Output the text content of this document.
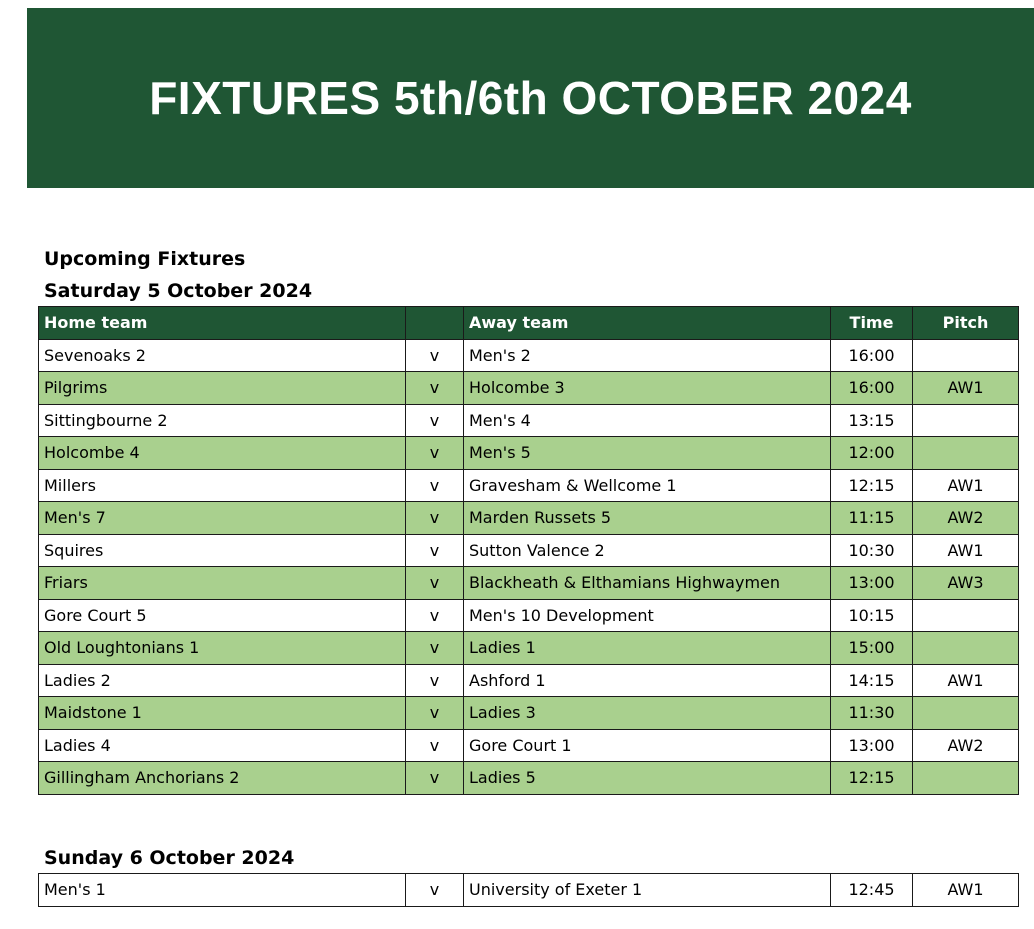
FIXTURES 5th/6th OCTOBER 2024
Upcoming Fixtures
Saturday 5 October 2024
Home team		Away team	Time	Pitch
Sevenoaks 2	v	Men's 2	16:00	
Pilgrims	v	Holcombe 3	16:00	AW1
Sittingbourne 2	v	Men's 4	13:15	
Holcombe 4	v	Men's 5	12:00	
Millers	v	Gravesham & Wellcome 1	12:15	AW1
Men's 7	v	Marden Russets 5	11:15	AW2
Squires	v	Sutton Valence 2	10:30	AW1
Friars	v	Blackheath & Elthamians Highwaymen	13:00	AW3
Gore Court 5	v	Men's 10 Development	10:15	
Old Loughtonians 1	v	Ladies 1	15:00	
Ladies 2	v	Ashford 1	14:15	AW1
Maidstone 1	v	Ladies 3	11:30	
Ladies 4	v	Gore Court 1	13:00	AW2
Gillingham Anchorians 2	v	Ladies 5	12:15	
Sunday 6 October 2024
Men's 1	v	University of Exeter 1	12:45	AW1
